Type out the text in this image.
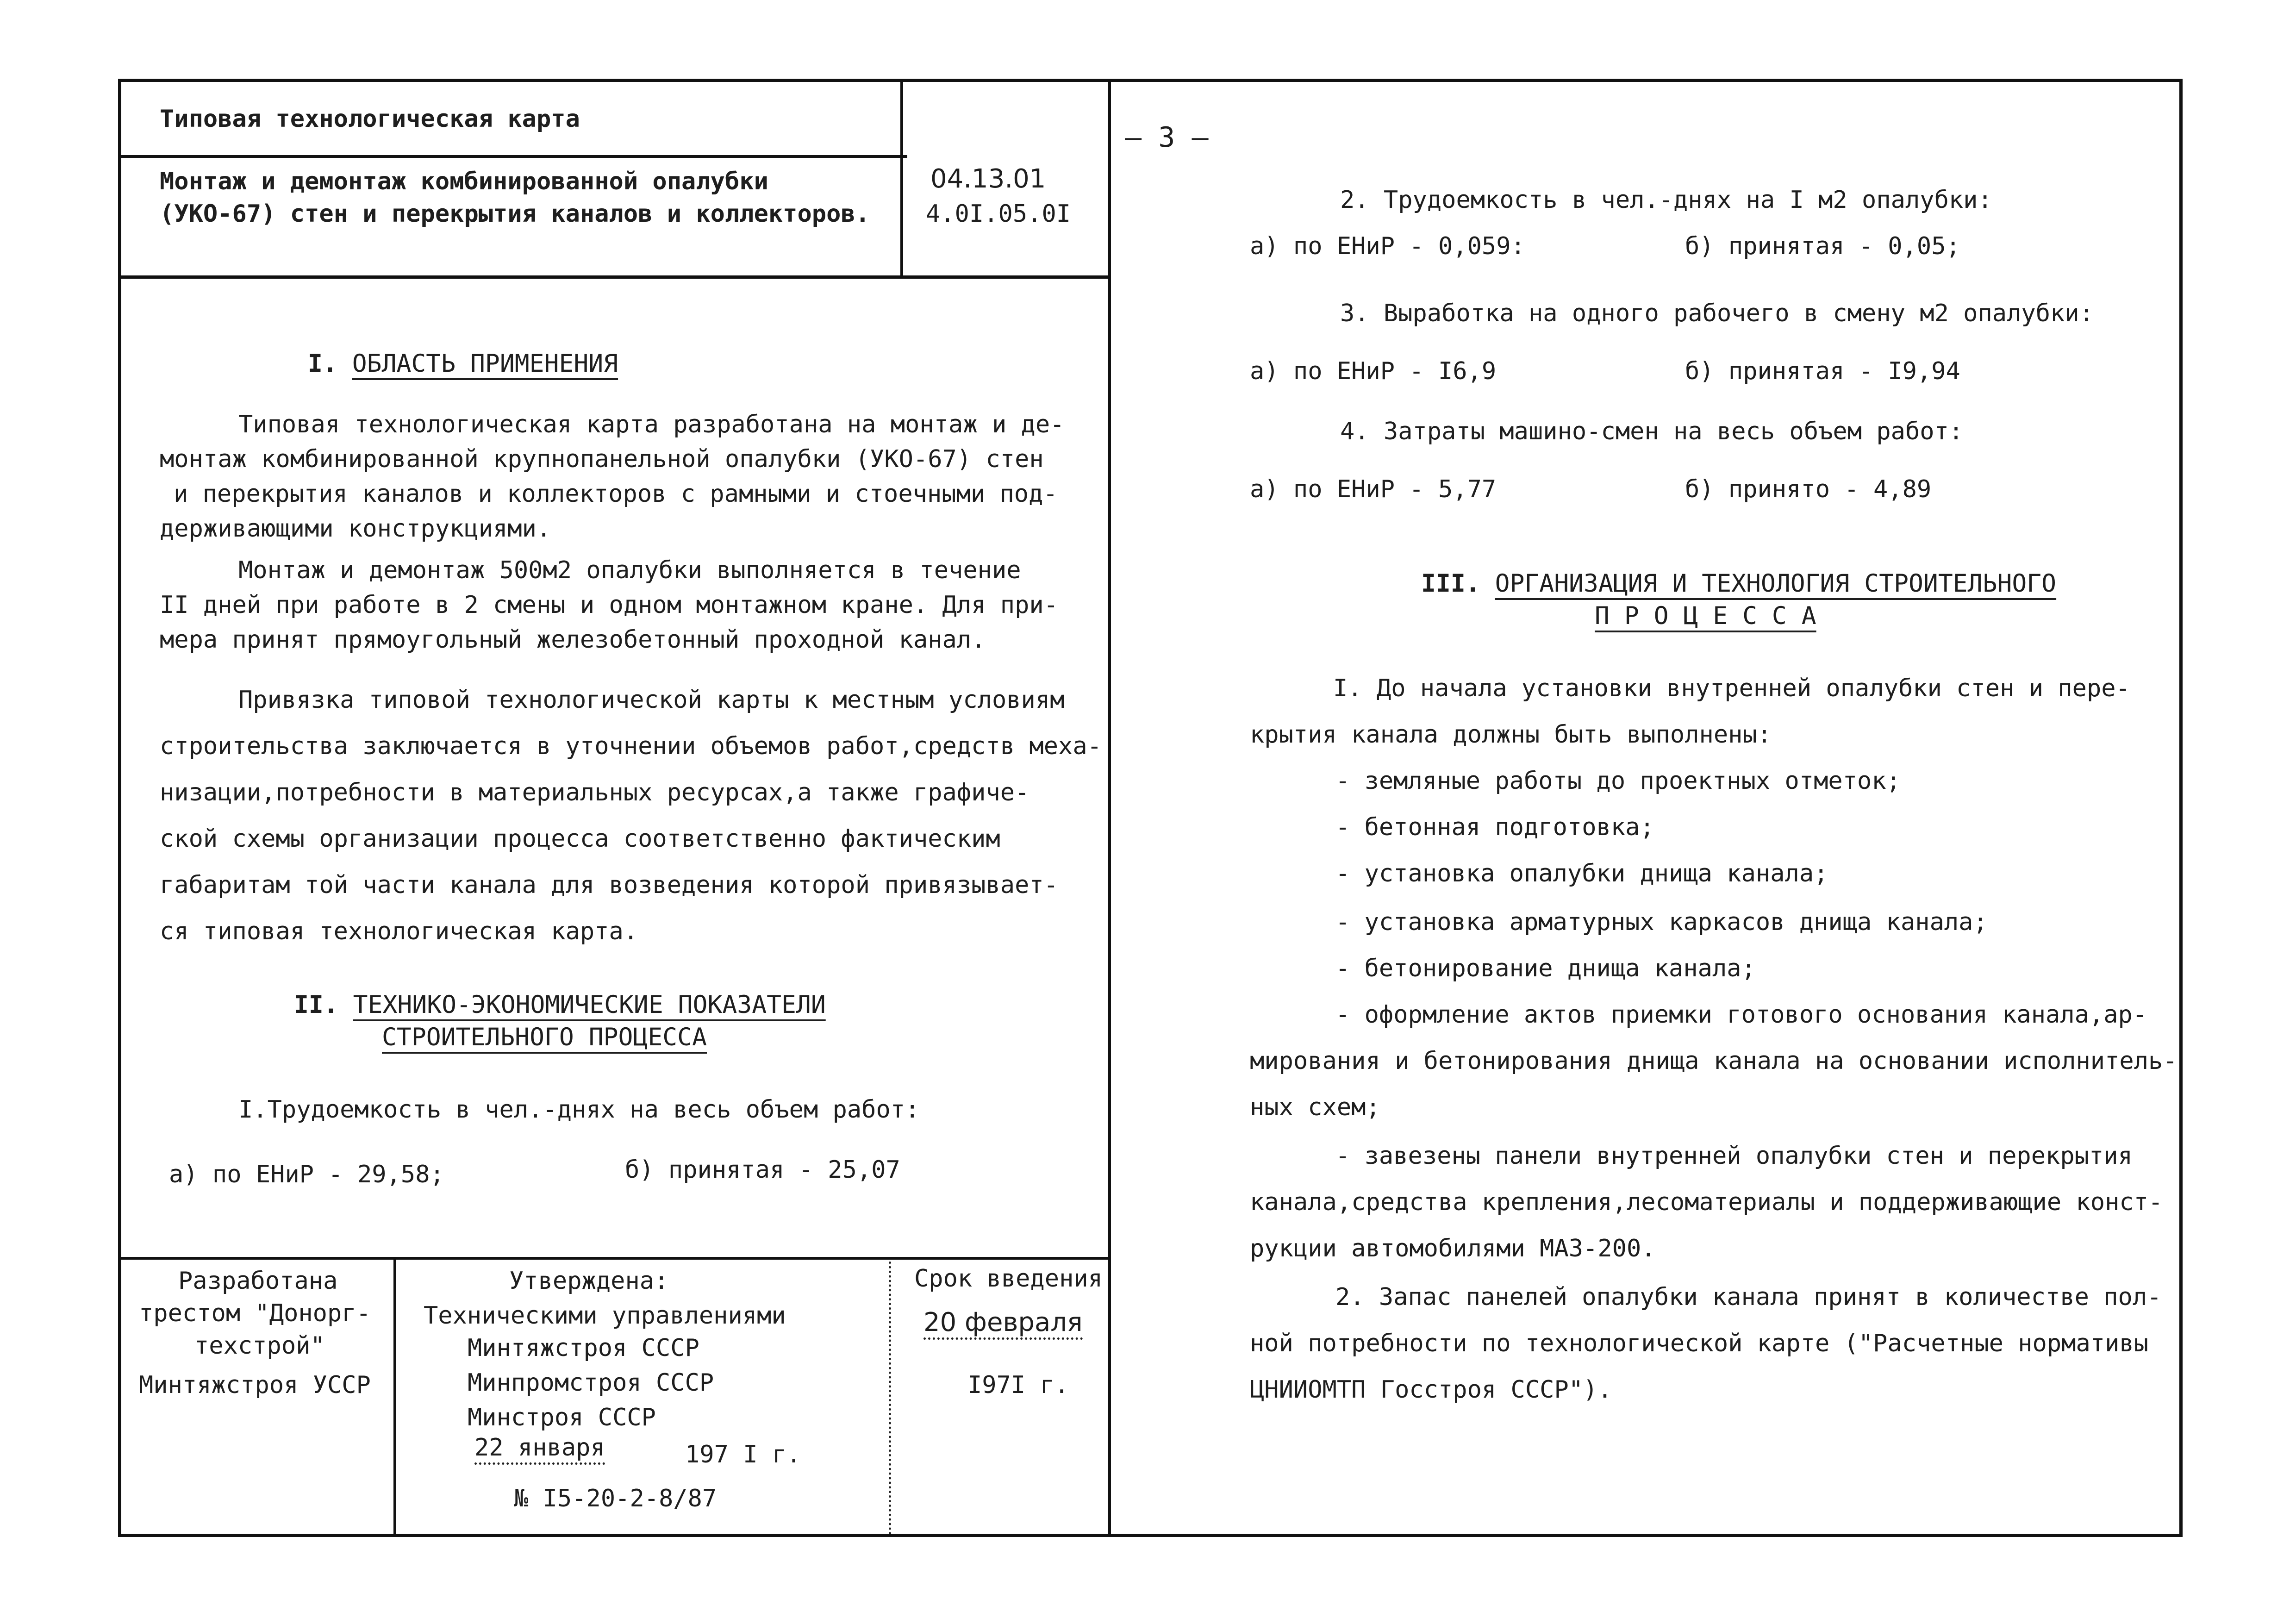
Типовая технологическая карта
Монтаж и демонтаж комбинированной опалубки
(УКО-67) стен и перекрытия каналов и коллекторов.
04.13.01
4.0I.05.0I
– 3 –
I. ОБЛАСТЬ ПРИМЕНЕНИЯ
Типовая технологическая карта разработана на монтаж и де-
монтаж комбинированной крупнопанельной опалубки (УКО-67) стен
и перекрытия каналов и коллекторов с рамными и стоечными под-
держивающими конструкциями.
Монтаж и демонтаж 500м2 опалубки выполняется в течение
II дней при работе в 2 смены и одном монтажном кране. Для при-
мера принят прямоугольный железобетонный проходной канал.
Привязка типовой технологической карты к местным условиям
строительства заключается в уточнении объемов работ,средств меха-
низации,потребности в материальных ресурсах,а также графиче-
ской схемы организации процесса соответственно фактическим
габаритам той части канала для возведения которой привязывает-
ся типовая технологическая карта.
II. ТЕХНИКО-ЭКОНОМИЧЕСКИЕ ПОКАЗАТЕЛИ
СТРОИТЕЛЬНОГО ПРОЦЕССА
I.Трудоемкость в чел.-днях на весь объем работ:
а) по ЕНиР - 29,58;	б) принятая - 25,07
2. Трудоемкость в чел.-днях на I м2 опалубки:
а) по ЕНиР - 0,059:	б) принятая - 0,05;
3. Выработка на одного рабочего в смену м2 опалубки:
а) по ЕНиР - I6,9	б) принятая - I9,94
4. Затраты машино-смен на весь объем работ:
а) по ЕНиР - 5,77	б) принято - 4,89
III. ОРГАНИЗАЦИЯ И ТЕХНОЛОГИЯ СТРОИТЕЛЬНОГО
П Р О Ц Е С С А
I. До начала установки внутренней опалубки стен и пере-
крытия канала должны быть выполнены:
- земляные работы до проектных отметок;
- бетонная подготовка;
- установка опалубки днища канала;
- установка арматурных каркасов днища канала;
- бетонирование днища канала;
- оформление актов приемки готового основания канала,ар-
мирования и бетонирования днища канала на основании исполнитель-
ных схем;
- завезены панели внутренней опалубки стен и перекрытия
канала,средства крепления,лесоматериалы и поддерживающие конст-
рукции автомобилями МАЗ-200.
2. Запас панелей опалубки канала принят в количестве пол-
ной потребности по технологической карте ("Расчетные нормативы
ЦНИИОМТП Госстроя СССР").
Разработана
трестом "Донорг-
техстрой"
Минтяжстроя УССР
Утверждена:
Техническими управлениями
Минтяжстроя СССР
Минпромстроя СССР
Минстроя СССР
22 января	197 I г.
№ I5-20-2-8/87
Срок введения
20 февраля
I97I г.
